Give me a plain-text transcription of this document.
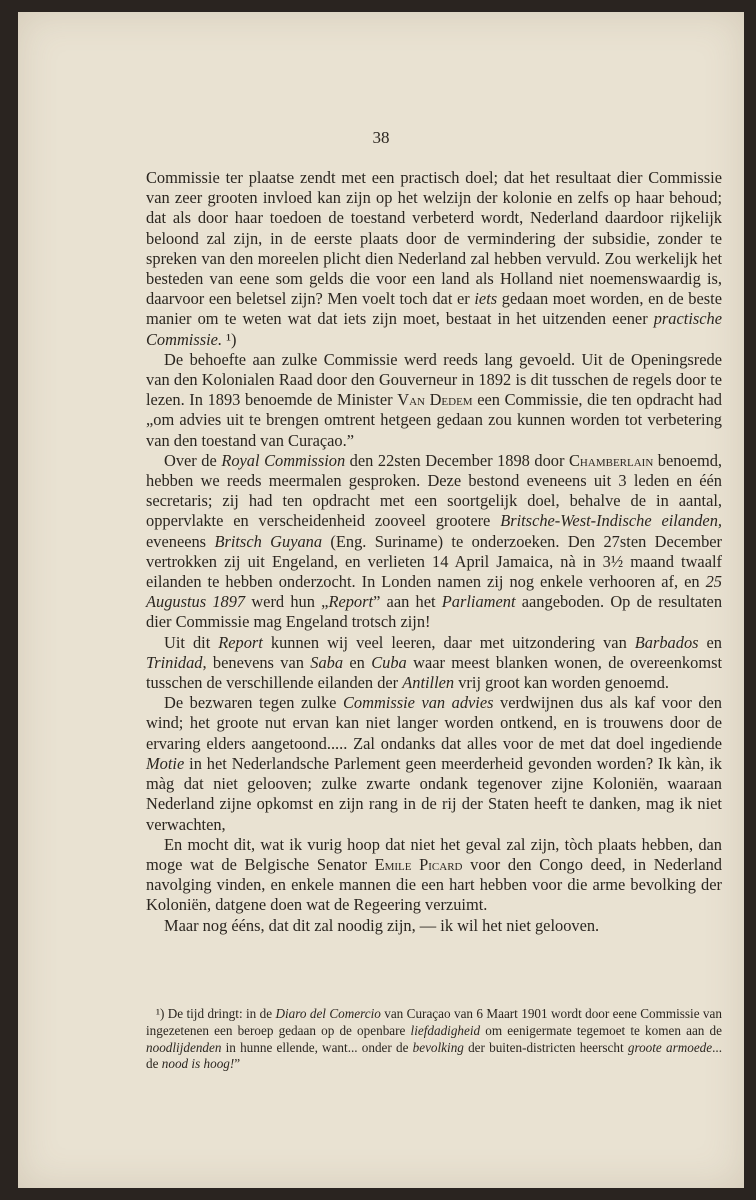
38

Commissie ter plaatse zendt met een practisch doel; dat het resultaat dier Commissie van zeer grooten invloed kan zijn op het welzijn der kolonie en zelfs op haar behoud; dat als door haar toedoen de toestand verbeterd wordt, Nederland daardoor rijkelijk beloond zal zijn, in de eerste plaats door de vermindering der subsidie, zonder te spreken van den moreelen plicht dien Nederland zal hebben vervuld. Zou werkelijk het besteden van eene som gelds die voor een land als Holland niet noemenswaardig is, daarvoor een beletsel zijn? Men voelt toch dat er iets gedaan moet worden, en de beste manier om te weten wat dat iets zijn moet, bestaat in het uitzenden eener practische Commissie. ¹)

De behoefte aan zulke Commissie werd reeds lang gevoeld. Uit de Openingsrede van den Kolonialen Raad door den Gouverneur in 1892 is dit tusschen de regels door te lezen. In 1893 benoemde de Minister Van Dedem een Commissie, die ten opdracht had „om advies uit te brengen omtrent hetgeen gedaan zou kunnen worden tot verbetering van den toestand van Curaçao.”

Over de Royal Commission den 22sten December 1898 door Chamberlain benoemd, hebben we reeds meermalen gesproken. Deze bestond eveneens uit 3 leden en één secretaris; zij had ten opdracht met een soortgelijk doel, behalve de in aantal, oppervlakte en verscheidenheid zooveel grootere Britsche-West-Indische eilanden, eveneens Britsch Guyana (Eng. Suriname) te onderzoeken. Den 27sten December vertrokken zij uit Engeland, en verlieten 14 April Jamaica, nà in 3½ maand twaalf eilanden te hebben onderzocht. In Londen namen zij nog enkele verhooren af, en 25 Augustus 1897 werd hun „Report” aan het Parliament aangeboden. Op de resultaten dier Commissie mag Engeland trotsch zijn!

Uit dit Report kunnen wij veel leeren, daar met uitzondering van Barbados en Trinidad, benevens van Saba en Cuba waar meest blanken wonen, de overeenkomst tusschen de verschillende eilanden der Antillen vrij groot kan worden genoemd.

De bezwaren tegen zulke Commissie van advies verdwijnen dus als kaf voor den wind; het groote nut ervan kan niet langer worden ontkend, en is trouwens door de ervaring elders aangetoond..... Zal ondanks dat alles voor de met dat doel ingediende Motie in het Nederlandsche Parlement geen meerderheid gevonden worden? Ik kàn, ik màg dat niet gelooven; zulke zwarte ondank tegenover zijne Koloniën, waaraan Nederland zijne opkomst en zijn rang in de rij der Staten heeft te danken, mag ik niet verwachten,

En mocht dit, wat ik vurig hoop dat niet het geval zal zijn, tòch plaats hebben, dan moge wat de Belgische Senator Emile Picard voor den Congo deed, in Nederland navolging vinden, en enkele mannen die een hart hebben voor die arme bevolking der Koloniën, datgene doen wat de Regeering verzuimt.

Maar nog ééns, dat dit zal noodig zijn, — ik wil het niet gelooven.

¹) De tijd dringt: in de Diaro del Comercio van Curaçao van 6 Maart 1901 wordt door eene Commissie van ingezetenen een beroep gedaan op de openbare liefdadigheid om eenigermate tegemoet te komen aan de noodlijdenden in hunne ellende, want... onder de bevolking der buiten-districten heerscht groote armoede... de nood is hoog!”
